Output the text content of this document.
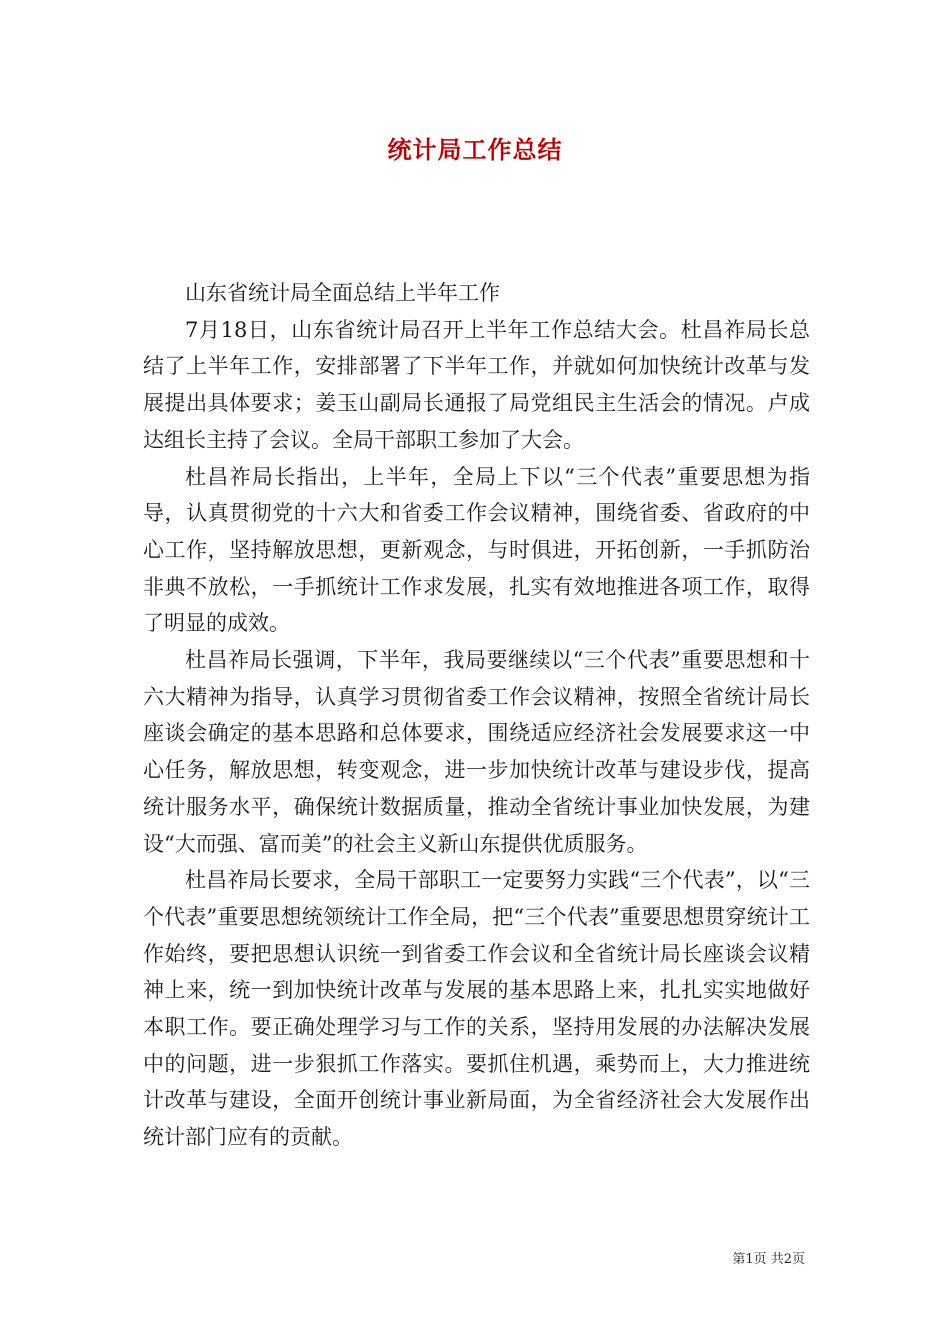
统计局工作总结

山东省统计局全面总结上半年工作

7月18日，山东省统计局召开上半年工作总结大会。杜昌祚局长总结了上半年工作，安排部署了下半年工作，并就如何加快统计改革与发展提出具体要求；姜玉山副局长通报了局党组民主生活会的情况。卢成达组长主持了会议。全局干部职工参加了大会。

杜昌祚局长指出，上半年，全局上下以“三个代表”重要思想为指导，认真贯彻党的十六大和省委工作会议精神，围绕省委、省政府的中心工作，坚持解放思想，更新观念，与时俱进，开拓创新，一手抓防治非典不放松，一手抓统计工作求发展，扎实有效地推进各项工作，取得了明显的成效。

杜昌祚局长强调，下半年，我局要继续以“三个代表”重要思想和十六大精神为指导，认真学习贯彻省委工作会议精神，按照全省统计局长座谈会确定的基本思路和总体要求，围绕适应经济社会发展要求这一中心任务，解放思想，转变观念，进一步加快统计改革与建设步伐，提高统计服务水平，确保统计数据质量，推动全省统计事业加快发展，为建设“大而强、富而美”的社会主义新山东提供优质服务。

杜昌祚局长要求，全局干部职工一定要努力实践“三个代表”，以“三个代表”重要思想统领统计工作全局，把“三个代表”重要思想贯穿统计工作始终，要把思想认识统一到省委工作会议和全省统计局长座谈会议精神上来，统一到加快统计改革与发展的基本思路上来，扎扎实实地做好本职工作。要正确处理学习与工作的关系，坚持用发展的办法解决发展中的问题，进一步狠抓工作落实。要抓住机遇，乘势而上，大力推进统计改革与建设，全面开创统计事业新局面，为全省经济社会大发展作出统计部门应有的贡献。

第1页 共2页
